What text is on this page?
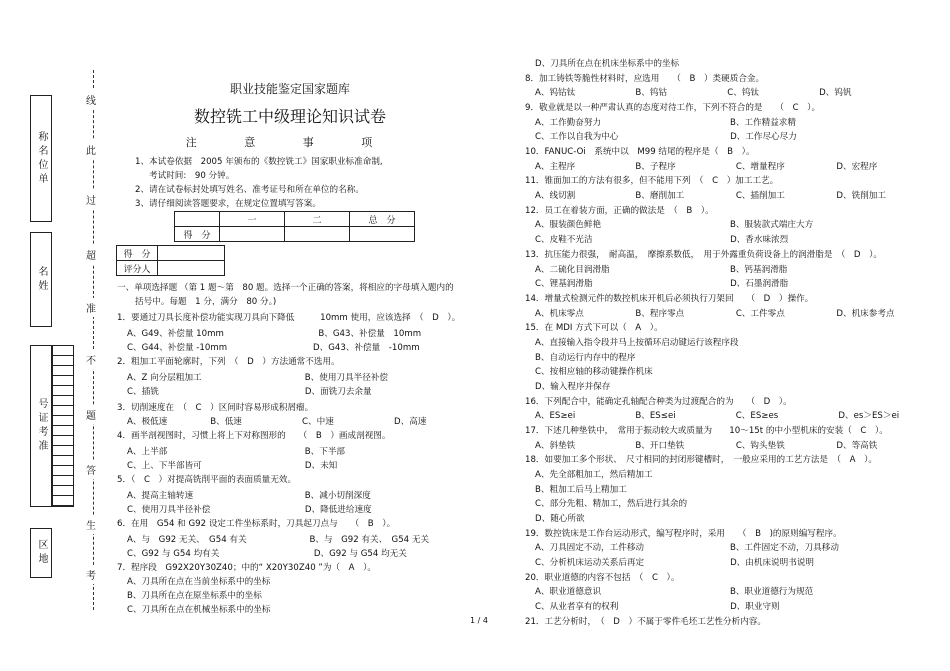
称名位单
名姓
号证考准
区地
线
此
过
超
准
不
题
答
生
考
职业技能鉴定国家题库
数控铣工中级理论知识试卷
注 意 事 项
1、本试卷依据　2005 年颁布的《数控铣工》国家职业标准命制,
考试时间:　90 分钟。
2、请在试卷标封处填写姓名、准考证号和所在单位的名称。
3、请仔细阅读答题要求，在规定位置填写答案。
	一	二	总　分
得　分			
得　分	
评分人	
一、单项选择题 （第 1 题～第　80 题。选择一个正确的答案，将相应的字母填入题内的
括号中。每题　1 分，满分　80 分。)
1．要通过刀具长度补偿功能实现刀具向下降低　　　10mm 使用，应该选择　（　D　）。
A、G49、补偿量 10mm　　　　　　　　　　　B、G43、补偿量　10mm
C、G44、补偿量 -10mm　　　　　　　　　　D、G43、补偿量　-10mm
2．粗加工平面轮廓时，下列　（　D　）方法通常不选用。
A、Z 向分层粗加工　　　　　　　　　　　　B、使用刀具半径补偿
C、插铣　　　　　　　　　　　　　　　　　D、面铣刀去余量
3．切削速度在　（　C　）区间时容易形成积屑瘤。
A、极低速　　　　　B、低速　　　　　　　C、中速　　　　　　　D、高速
4．画半剖视图时，习惯上将上下对称图形的　　（　B　）画成剖视图。
A、上半部　　　　　　　　　　　　　　　　B、下半部
C、上、下半部皆可　　　　　　　　　　　　D、未知
5．（　C　）对提高铣削平面的表面质量无效。
A、提高主轴转速　　　　　　　　　　　　　B、减小切削深度
C、使用刀具半径补偿　　　　　　　　　　　D、降低进给速度
6．在用　G54 和 G92 设定工件坐标系时，刀具起刀点与　　（　B　）。
A、与　G92 无关、　G54 有关　　　　　　　 B、与　G92 有关、　G54 无关
C、G92 与 G54 均有关　　　　　　　　　　　D、G92 与 G54 均无关
7．程序段　G92X20Y30Z40；中的“ X20Y30Z40 ”为（　A　）。
A、刀具所在点在当前坐标系中的坐标
B、刀具所在点在原坐标系中的坐标
C、刀具所在点在机械坐标系中的坐标
D、刀具所在点在机床坐标系中的坐标
8．加工铸铁等脆性材料时，应选用　　（　B　）类硬质合金。
A、钨钴钛　　　　　　　B、钨钴　　　　　　　C、钨钛　　　　　　　D、钨钒
9．敬业就是以一种严肃认真的态度对待工作，下列不符合的是　　（　C　）。
A、工作勤奋努力　　　　　　　　　　　　　　　B、工作精益求精
C、工作以自我为中心　　　　　　　　　　　　　D、工作尽心尽力
10．FANUC-Oi　系统中以　M99 结尾的程序是（　B　）。
A、主程序　　　　　　　B、子程序　　　　　　　C、增量程序　　　　　　D、宏程序
11．锥面加工的方法有很多，但不能用下列　（　C　）加工工艺。
A、线切割　　　　　　　B、磨削加工　　　　　　C、插削加工　　　　　　D、铣削加工
12．员工在着装方面，正确的做法是　（　B　）。
A、服装颜色鲜艳　　　　　　　　　　　　　　　B、服装款式端庄大方
C、皮鞋不光洁　　　　　　　　　　　　　　　　D、香水味浓烈
13．抗压能力很强，　耐高温，　摩擦系数低，　用于外露重负荷设备上的润滑脂是　（　D　）。
A、二硫化目润滑脂　　　　　　　　　　　　　　B、钙基润滑脂
C、锂基润滑脂　　　　　　　　　　　　　　　　D、石墨润滑脂
14．增量式检测元件的数控机床开机后必须执行刀架回　　（　D　）操作。
A、机床零点　　　　　　B、程序零点　　　　　　C、工件零点　　　　　　D、机床参考点
15．在 MDI 方式下可以（　A　）。
A、直接输入指令段并马上按循环启动键运行该程序段
B、自动运行内存中的程序
C、按相应轴的移动键操作机床
D、输入程序并保存
16．下列配合中，能确定孔轴配合种类为过渡配合的为　　（　D　）。
A、ES≥ei　　　　　　　B、ES≤ei　　　　　　　C、ES≥es　　　　　　　D、es＞ES＞ei
17．下述几种垫铁中，　常用于振动较大或质量为　　10～15t 的中小型机床的安装（　C　）。
A、斜垫铁　　　　　　　B、开口垫铁　　　　　　C、钩头垫铁　　　　　　D、等高铁
18．如要加工多个形状、　尺寸相同的封闭形键槽时，　一般应采用的工艺方法是　（　A　）。
A、先全部粗加工，然后精加工
B、粗加工后马上精加工
C、部分先粗、精加工，然后进行其余的
D、随心所欲
19．数控铣床是工作台运动形式，编写程序时，采用　　（　B　)的原则编写程序。
A、刀具固定不动，工件移动　　　　　　　　　　B、工件固定不动，刀具移动
C、分析机床运动关系后再定　　　　　　　　　　D、由机床说明书说明
20．职业道德的内容不包括　（　C　）。
A、职业道德意识　　　　　　　　　　　　　　　B、职业道德行为规范
C、从业者享有的权利　　　　　　　　　　　　　D、职业守则
21．工艺分析时，　（　D　）不属于零件毛坯工艺性分析内容。
1 / 4
